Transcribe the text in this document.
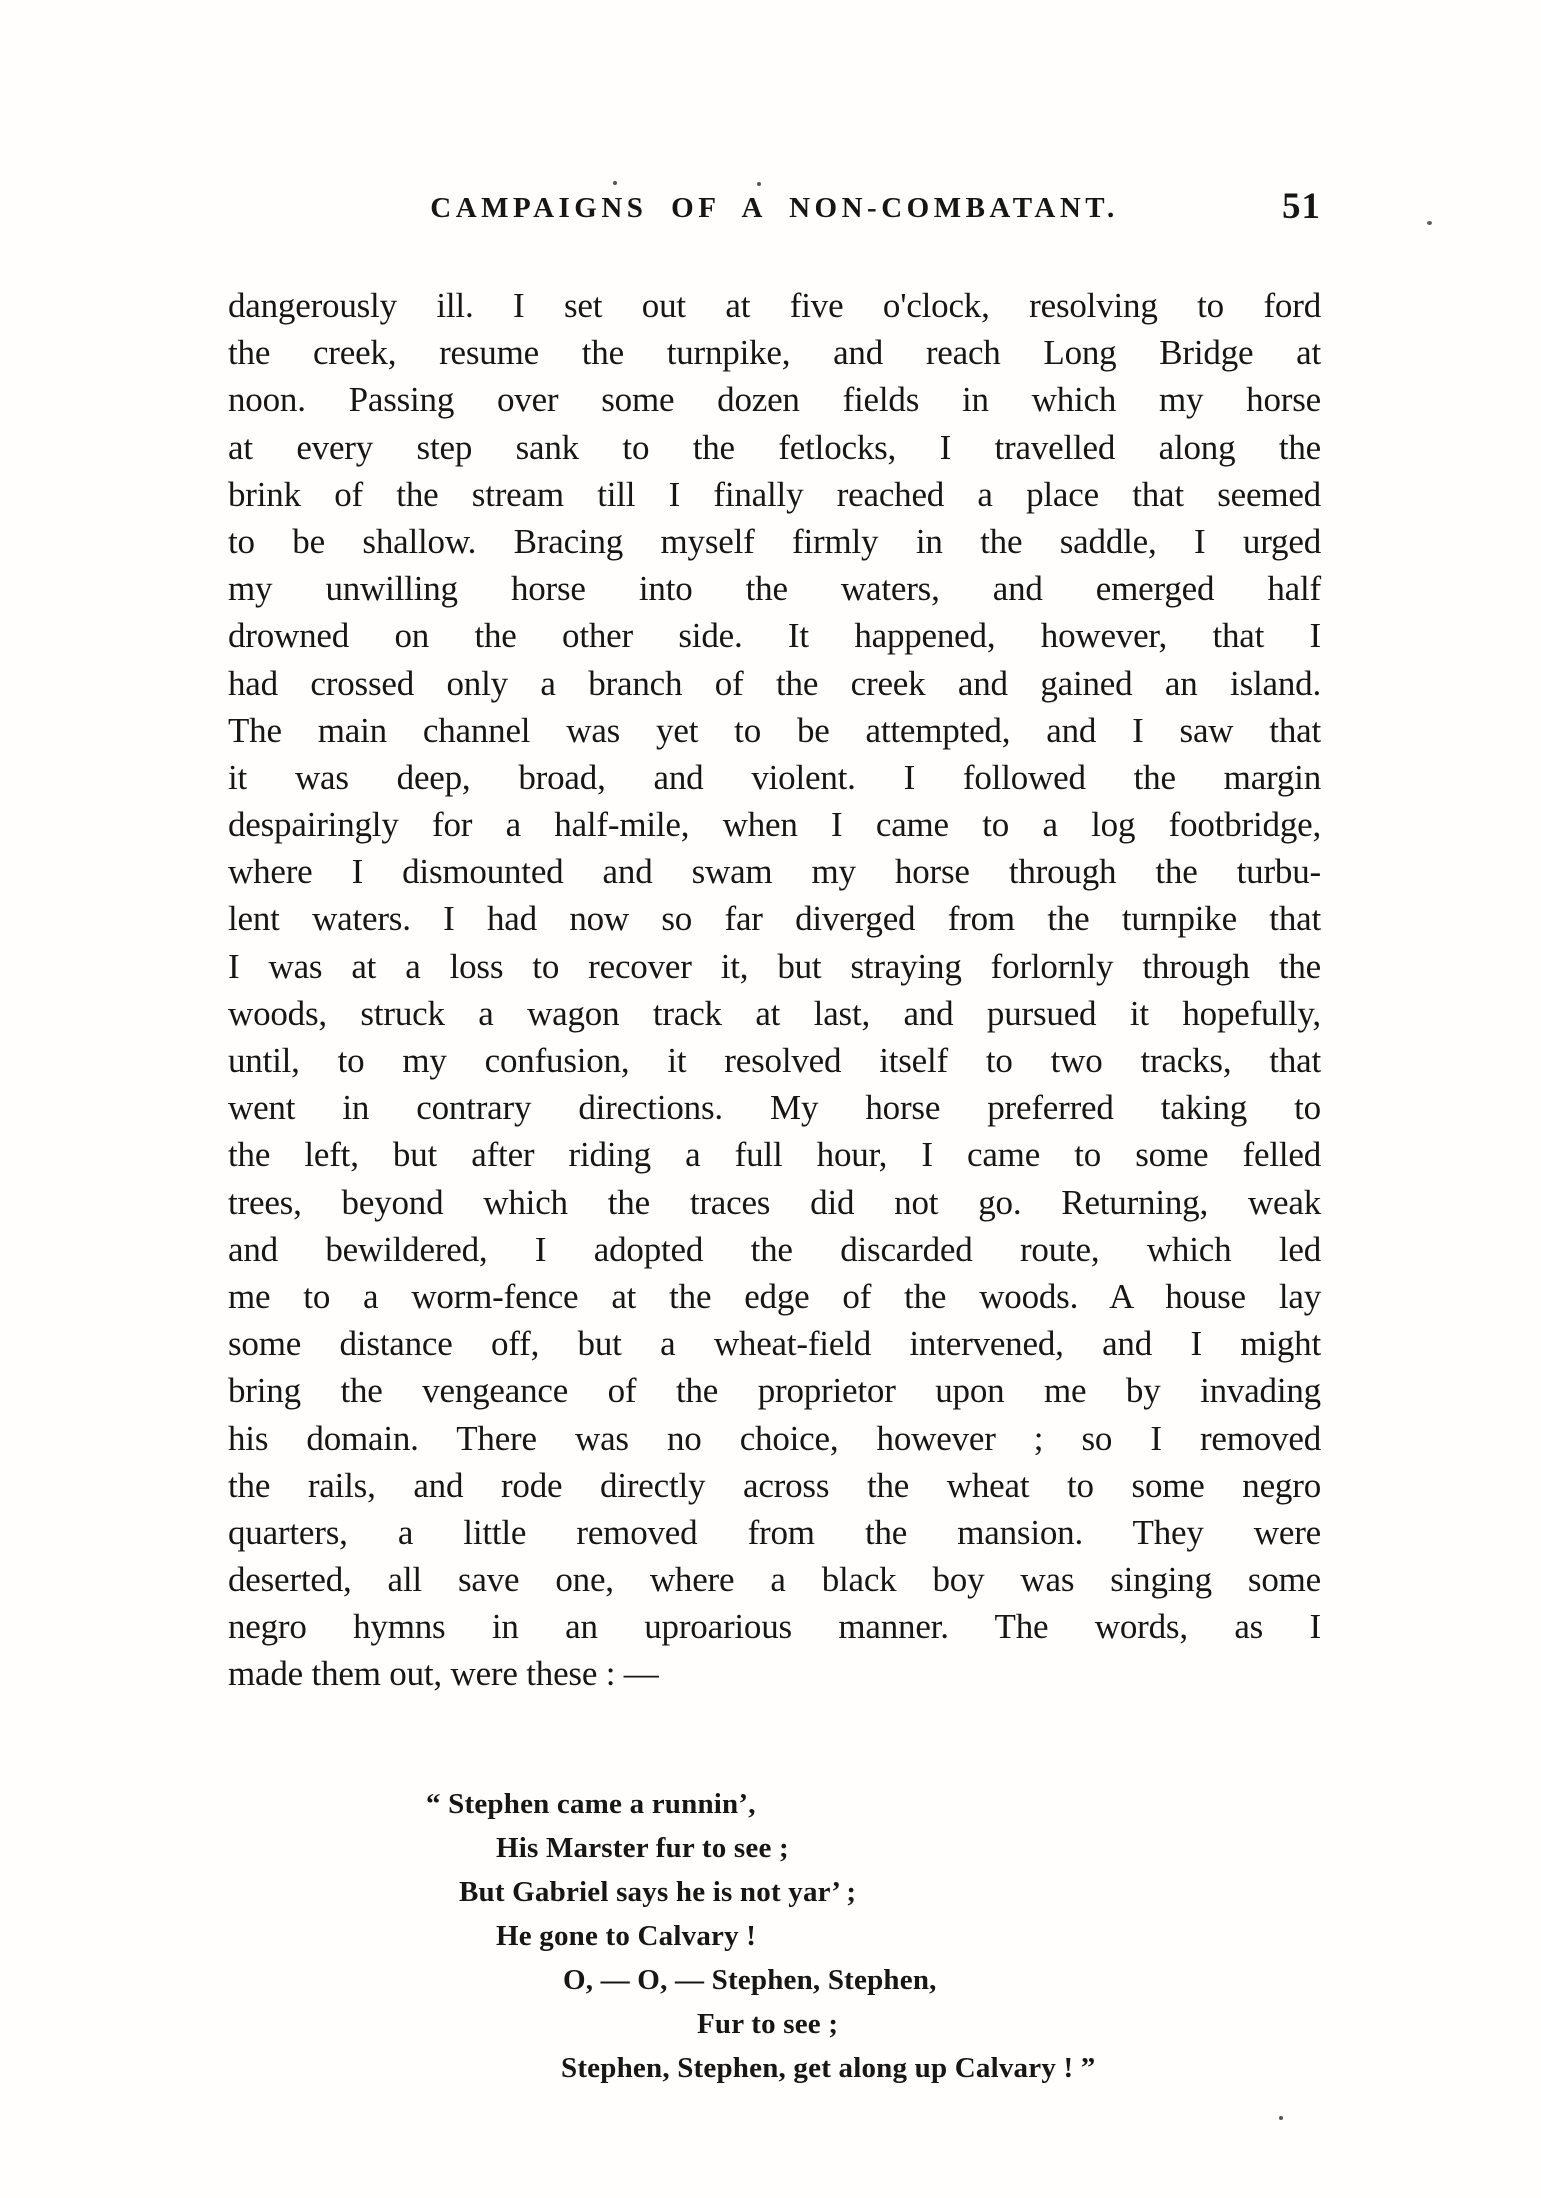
CAMPAIGNS OF A NON-COMBATANT.	51
dangerously ill. I set out at five o'clock, resolving to ford
the creek, resume the turnpike, and reach Long Bridge at
noon. Passing over some dozen fields in which my horse
at every step sank to the fetlocks, I travelled along the
brink of the stream till I finally reached a place that seemed
to be shallow. Bracing myself firmly in the saddle, I urged
my unwilling horse into the waters, and emerged half
drowned on the other side. It happened, however, that I
had crossed only a branch of the creek and gained an island.
The main channel was yet to be attempted, and I saw that
it was deep, broad, and violent. I followed the margin
despairingly for a half-mile, when I came to a log footbridge,
where I dismounted and swam my horse through the turbu-
lent waters. I had now so far diverged from the turnpike that
I was at a loss to recover it, but straying forlornly through the
woods, struck a wagon track at last, and pursued it hopefully,
until, to my confusion, it resolved itself to two tracks, that
went in contrary directions. My horse preferred taking to
the left, but after riding a full hour, I came to some felled
trees, beyond which the traces did not go. Returning, weak
and bewildered, I adopted the discarded route, which led
me to a worm-fence at the edge of the woods. A house lay
some distance off, but a wheat-field intervened, and I might
bring the vengeance of the proprietor upon me by invading
his domain. There was no choice, however ; so I removed
the rails, and rode directly across the wheat to some negro
quarters, a little removed from the mansion. They were
deserted, all save one, where a black boy was singing some
negro hymns in an uproarious manner. The words, as I
made them out, were these : —
“ Stephen came a runnin’,
His Marster fur to see ;
But Gabriel says he is not yar’ ;
He gone to Calvary !
O, — O, — Stephen, Stephen,
Fur to see ;
Stephen, Stephen, get along up Calvary ! ”
